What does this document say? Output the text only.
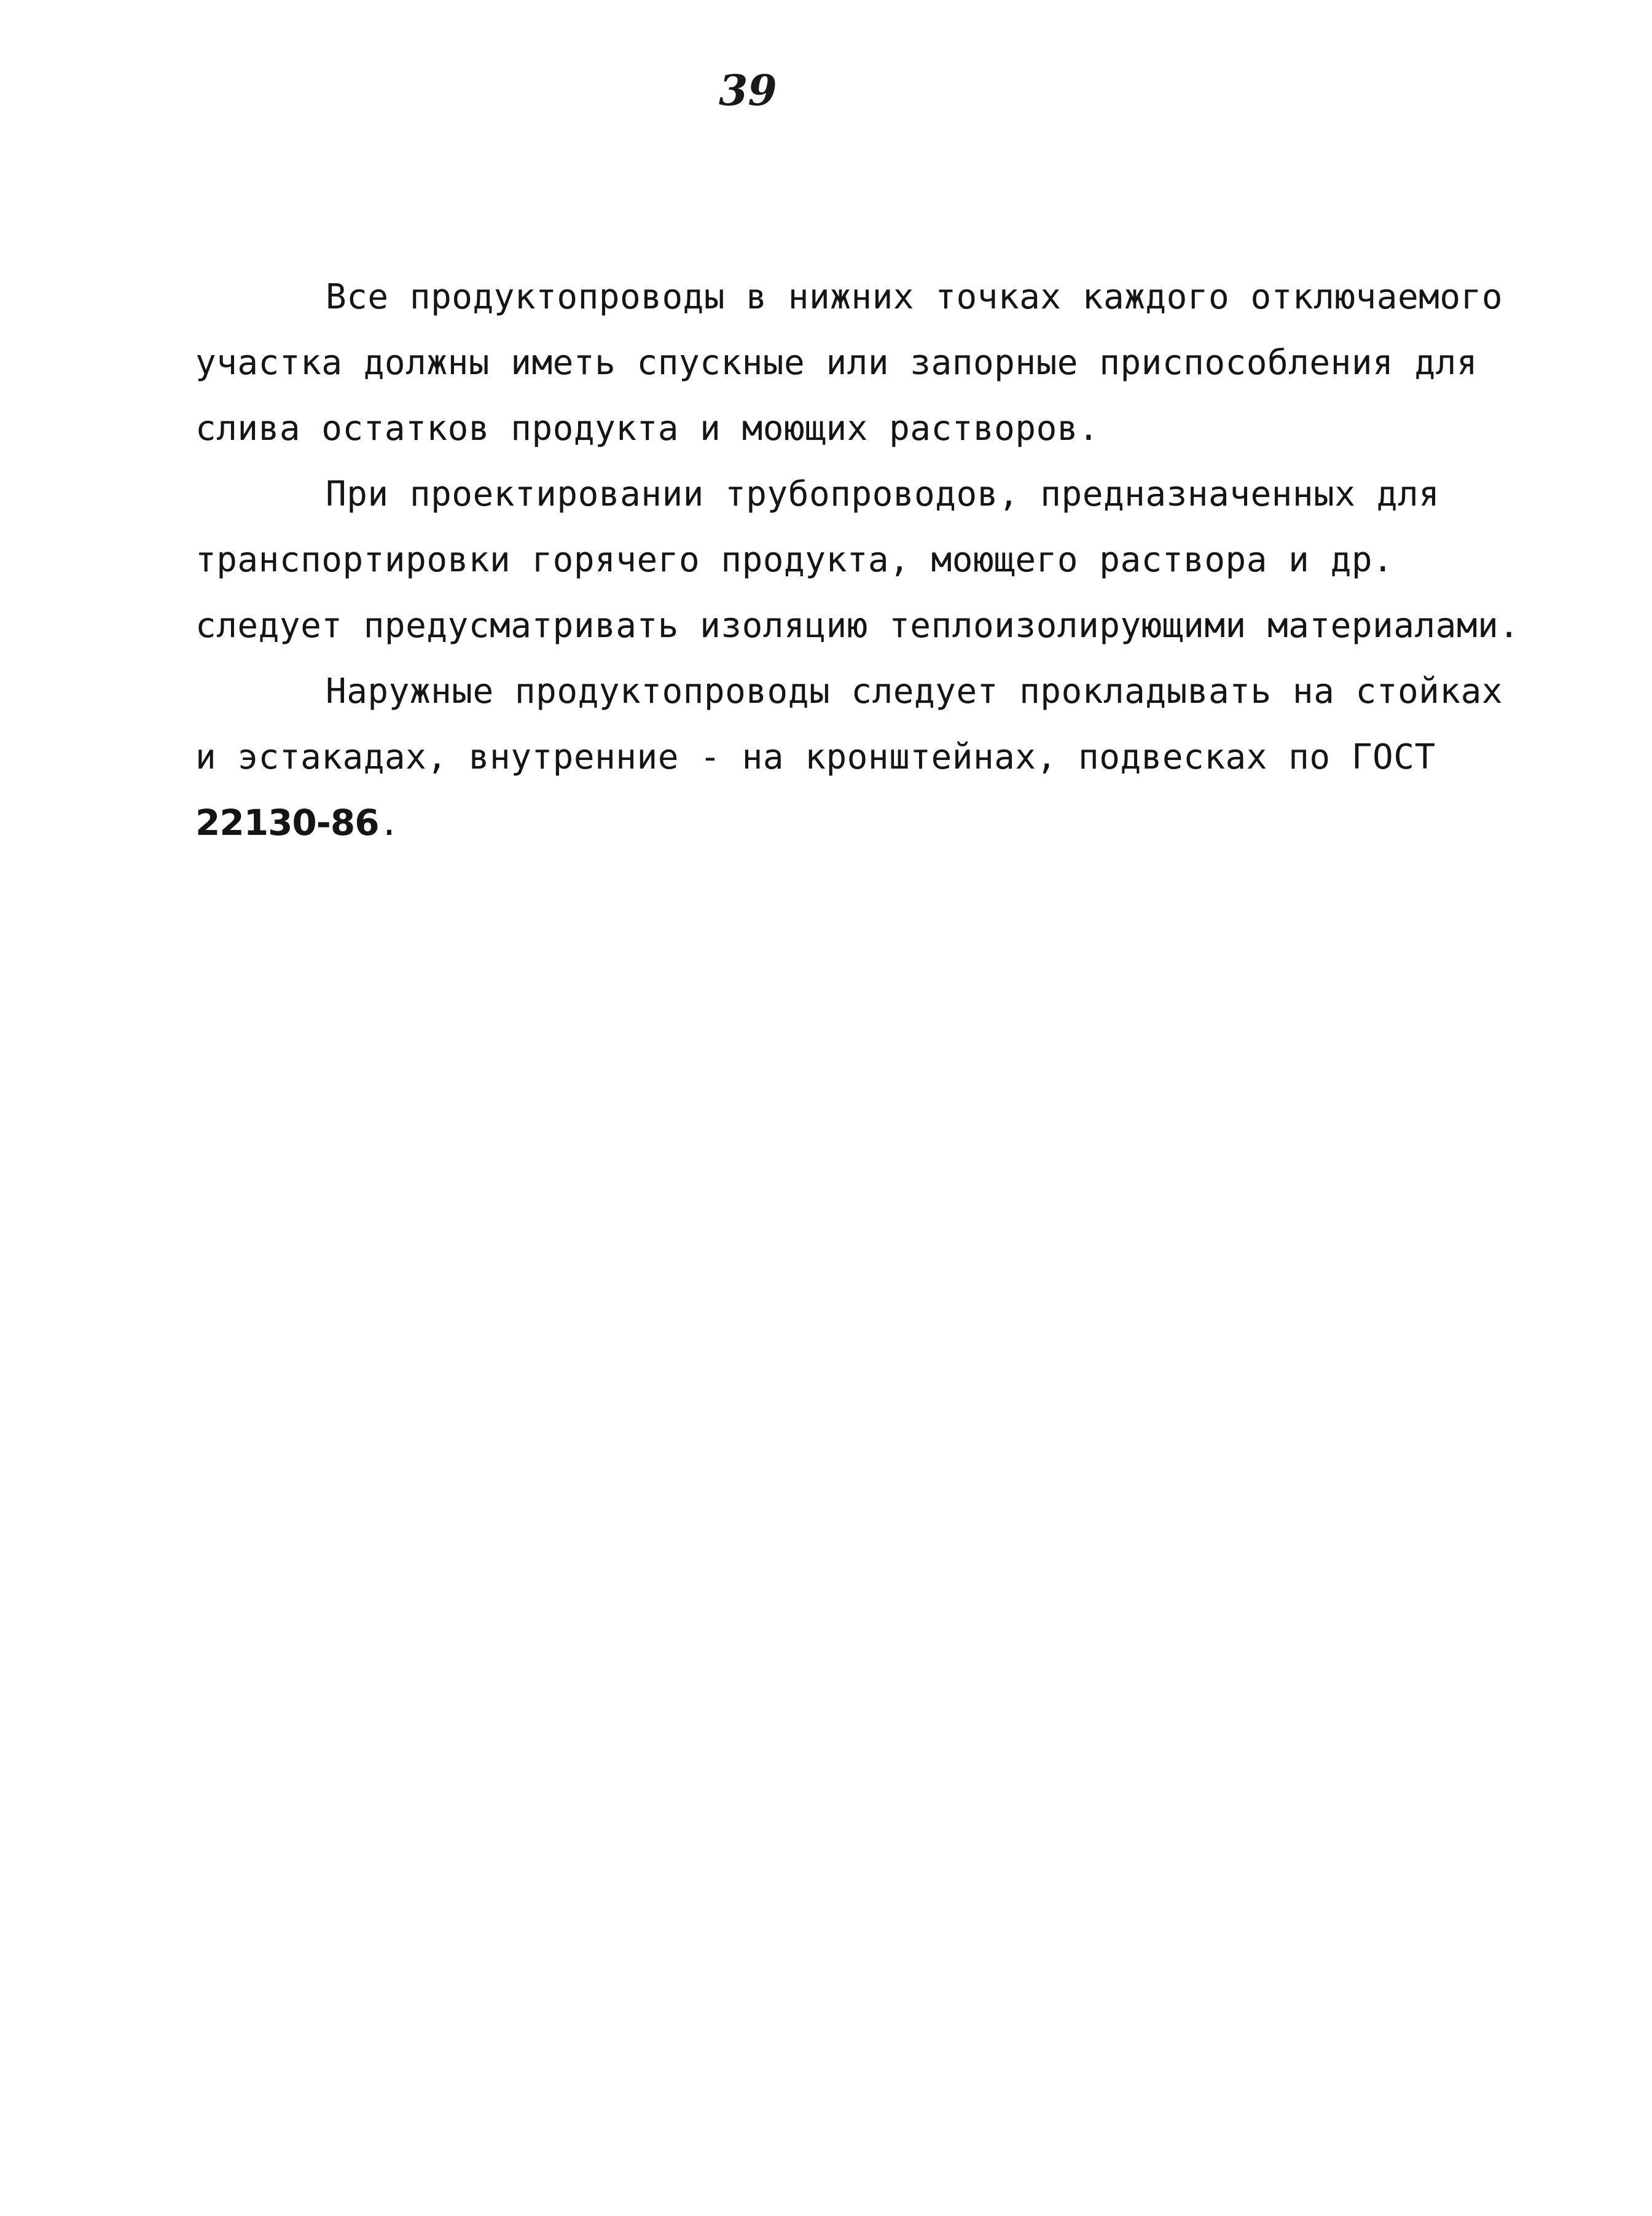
39
Все продуктопроводы в нижних точках каждого отключаемого
участка должны иметь спускные или запорные приспособления для
слива остатков продукта и моющих растворов.
При проектировании трубопроводов, предназначенных для
транспортировки горячего продукта, моющего раствора и др.
следует предусматривать изоляцию теплоизолирующими материалами.
Наружные продуктопроводы следует прокладывать на стойках
и эстакадах, внутренние - на кронштейнах, подвесках по ГОСТ
22130-86.
